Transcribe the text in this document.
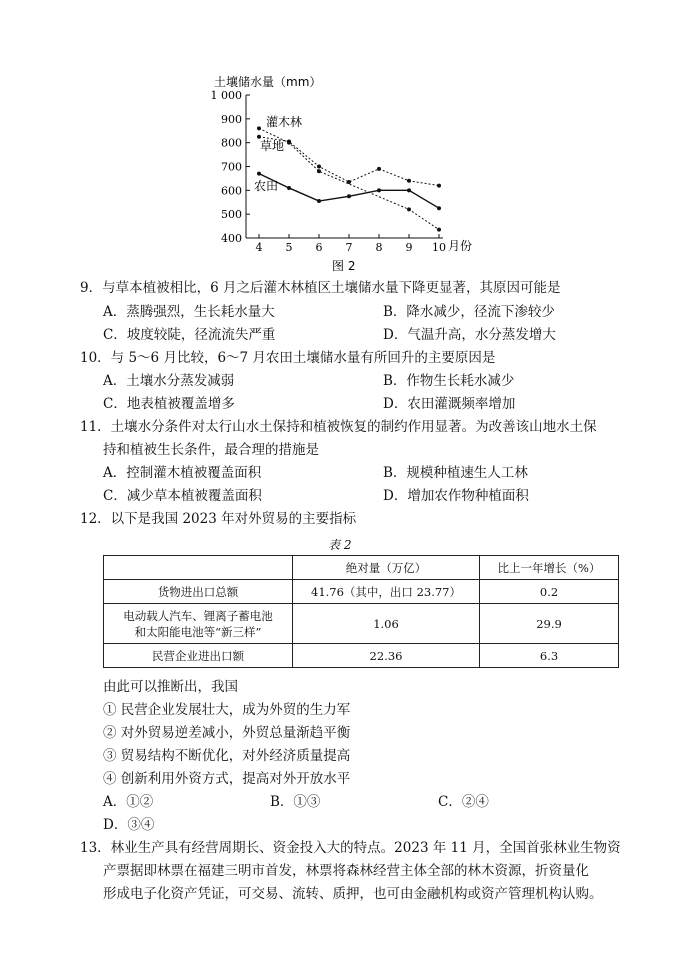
土壤储水量（mm）
400
500
600
700
800
900
1 000
4 5 6 7 8 9 10 月份
灌木林
草地
农田
图 2
9．与草本植被相比，6 月之后灌木林植区土壤储水量下降更显著，其原因可能是
A．蒸腾强烈，生长耗水量大	B．降水减少，径流下渗较少
C．坡度较陡，径流流失严重	D．气温升高，水分蒸发增大
10．与 5～6 月比较，6～7 月农田土壤储水量有所回升的主要原因是
A．土壤水分蒸发减弱	B．作物生长耗水减少
C．地表植被覆盖增多	D．农田灌溉频率增加
11．土壤水分条件对太行山水土保持和植被恢复的制约作用显著。为改善该山地水土保
持和植被生长条件，最合理的措施是
A．控制灌木植被覆盖面积	B．规模种植速生人工林
C．减少草本植被覆盖面积	D．增加农作物种植面积
12．以下是我国 2023 年对外贸易的主要指标
表 2
	绝对量（万亿）	比上一年增长（%）
货物进出口总额	41.76（其中，出口 23.77）	0.2

电动载人汽车、锂离子蓄电池
和太阳能电池等“新三样”	1.06	29.9
民营企业进出口额	22.36	6.3
由此可以推断出，我国
① 民营企业发展壮大，成为外贸的生力军
② 对外贸易逆差减小，外贸总量渐趋平衡
③ 贸易结构不断优化，对外经济质量提高
④ 创新利用外资方式，提高对外开放水平
A．①②	B．①③	C．②④
D．③④
13．林业生产具有经营周期长、资金投入大的特点。2023 年 11 月，全国首张林业生物资
产票据即林票在福建三明市首发，林票将森林经营主体全部的林木资源，折资量化
形成电子化资产凭证，可交易、流转、质押，也可由金融机构或资产管理机构认购。
